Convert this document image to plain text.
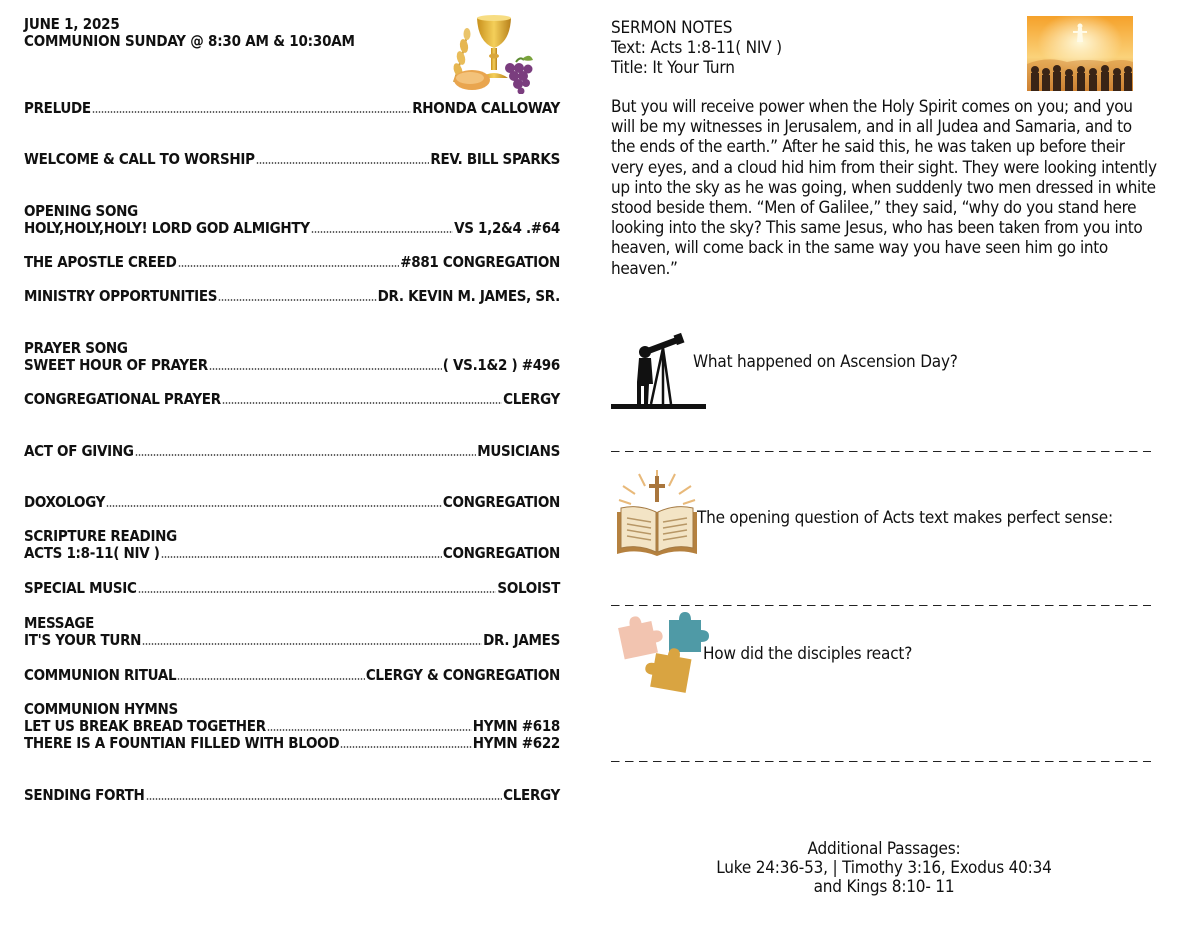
JUNE 1, 2025
COMMUNION SUNDAY @ 8:30 AM & 10:30AM
PRELUDE	RHONDA CALLOWAY
WELCOME & CALL TO WORSHIP	REV. BILL SPARKS
OPENING SONG
HOLY,HOLY,HOLY! LORD GOD ALMIGHTY	VS 1,2&4 .#64
THE APOSTLE CREED	#881 CONGREGATION
MINISTRY OPPORTUNITIES	DR. KEVIN M. JAMES, SR.
PRAYER SONG
SWEET HOUR OF PRAYER	( VS.1&2 ) #496
CONGREGATIONAL PRAYER	CLERGY
ACT OF GIVING	MUSICIANS
DOXOLOGY	CONGREGATION
SCRIPTURE READING
ACTS 1:8-11( NIV )	CONGREGATION
SPECIAL MUSIC	SOLOIST
MESSAGE
IT'S YOUR TURN	DR. JAMES
COMMUNION RITUAL	CLERGY & CONGREGATION
COMMUNION HYMNS
LET US BREAK BREAD TOGETHER	HYMN #618
THERE IS A FOUNTIAN FILLED WITH BLOOD	HYMN #622
SENDING FORTH	CLERGY
SERMON NOTES
Text: Acts 1:8-11( NIV )
Title: It Your Turn

But you will receive power when the Holy Spirit comes on you; and you will be my witnesses in Jerusalem, and in all Judea and Samaria, and to the ends of the earth.” After he said this, he was taken up before their very eyes, and a cloud hid him from their sight. They were looking intently up into the sky as he was going, when suddenly two men dressed in white stood beside them. “Men of Galilee,” they said, “why do you stand here looking into the sky? This same Jesus, who has been taken from you into heaven, will come back in the same way you have seen him go into heaven.”

What happened on Ascension Day?
The opening question of Acts text makes perfect sense:
How did the disciples react?
Additional Passages:
Luke 24:36-53, | Timothy 3:16, Exodus 40:34
and Kings 8:10- 11
